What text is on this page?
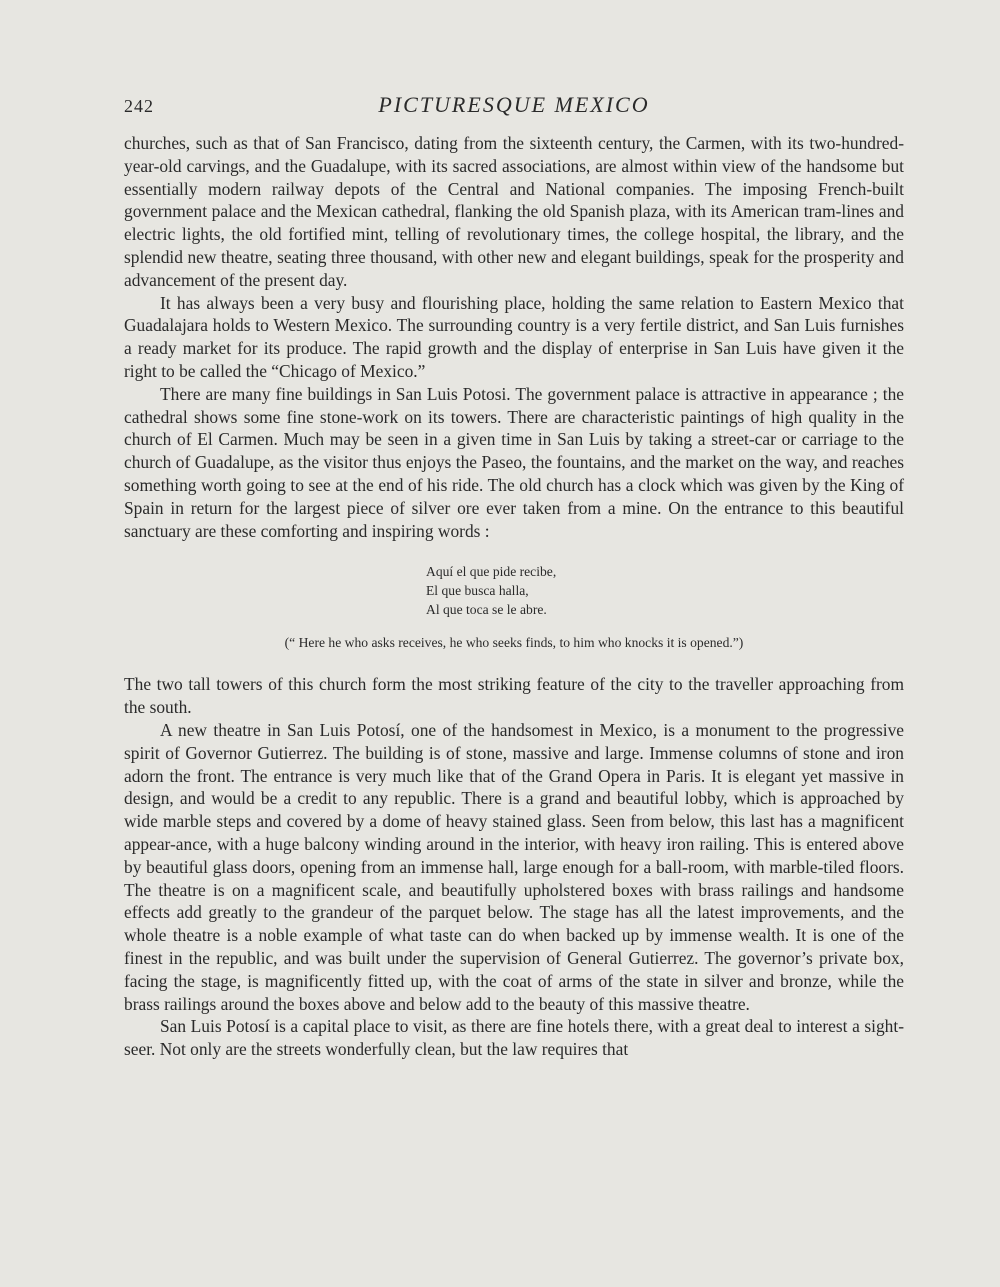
242	PICTURESQUE MEXICO

churches, such as that of San Francisco, dating from the sixteenth century, the Carmen, with its two-hundred-year-old carvings, and the Guadalupe, with its sacred associations, are almost within view of the handsome but essentially modern railway depots of the Central and National companies. The imposing French-built government palace and the Mexican cathedral, flanking the old Spanish plaza, with its American tram-lines and electric lights, the old fortified mint, telling of revolutionary times, the college hospital, the library, and the splendid new theatre, seating three thousand, with other new and elegant buildings, speak for the prosperity and advancement of the present day.

It has always been a very busy and flourishing place, holding the same relation to Eastern Mexico that Guadalajara holds to Western Mexico. The surrounding country is a very fertile district, and San Luis furnishes a ready market for its produce. The rapid growth and the display of enterprise in San Luis have given it the right to be called the “Chicago of Mexico.”

There are many fine buildings in San Luis Potosi. The government palace is attractive in appearance ; the cathedral shows some fine stone-work on its towers. There are characteristic paintings of high quality in the church of El Carmen. Much may be seen in a given time in San Luis by taking a street-car or carriage to the church of Guadalupe, as the visitor thus enjoys the Paseo, the fountains, and the market on the way, and reaches something worth going to see at the end of his ride. The old church has a clock which was given by the King of Spain in return for the largest piece of silver ore ever taken from a mine. On the entrance to this beautiful sanctuary are these comforting and inspiring words :

Aquí el que pide recibe,
El que busca halla,
Al que toca se le abre.
(“ Here he who asks receives, he who seeks finds, to him who knocks it is opened.”)

The two tall towers of this church form the most striking feature of the city to the traveller approaching from the south.

A new theatre in San Luis Potosí, one of the handsomest in Mexico, is a monument to the progressive spirit of Governor Gutierrez. The building is of stone, massive and large. Immense columns of stone and iron adorn the front. The entrance is very much like that of the Grand Opera in Paris. It is elegant yet massive in design, and would be a credit to any republic. There is a grand and beautiful lobby, which is approached by wide marble steps and covered by a dome of heavy stained glass. Seen from below, this last has a magnificent appear-ance, with a huge balcony winding around in the interior, with heavy iron railing. This is entered above by beautiful glass doors, opening from an immense hall, large enough for a ball-room, with marble-tiled floors. The theatre is on a magnificent scale, and beautifully upholstered boxes with brass railings and handsome effects add greatly to the grandeur of the parquet below. The stage has all the latest improvements, and the whole theatre is a noble example of what taste can do when backed up by immense wealth. It is one of the finest in the republic, and was built under the supervision of General Gutierrez. The governor’s private box, facing the stage, is magnificently fitted up, with the coat of arms of the state in silver and bronze, while the brass railings around the boxes above and below add to the beauty of this massive theatre.

San Luis Potosí is a capital place to visit, as there are fine hotels there, with a great deal to interest a sight-seer. Not only are the streets wonderfully clean, but the law requires that
